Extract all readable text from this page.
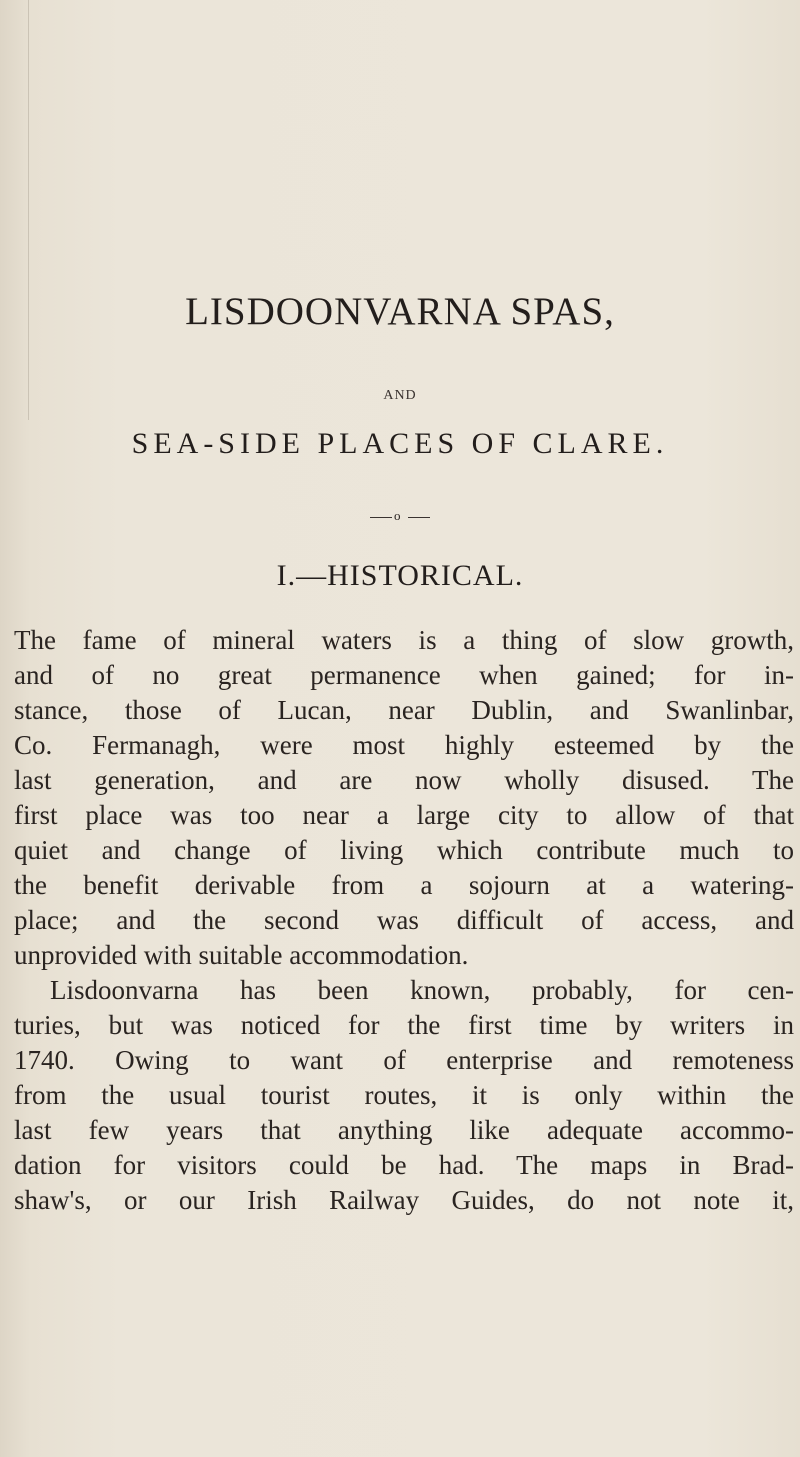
LISDOONVARNA SPAS,
AND
SEA-SIDE PLACES OF CLARE.
o
I.—HISTORICAL.
The fame of mineral waters is a thing of slow growth,
and of no great permanence when gained; for in-
stance, those of Lucan, near Dublin, and Swanlinbar,
Co. Fermanagh, were most highly esteemed by the
last generation, and are now wholly disused. The
first place was too near a large city to allow of that
quiet and change of living which contribute much to
the benefit derivable from a sojourn at a watering-
place; and the second was difficult of access, and
unprovided with suitable accommodation.
Lisdoonvarna has been known, probably, for cen-
turies, but was noticed for the first time by writers in
1740. Owing to want of enterprise and remoteness
from the usual tourist routes, it is only within the
last few years that anything like adequate accommo-
dation for visitors could be had. The maps in Brad-
shaw's, or our Irish Railway Guides, do not note it,
